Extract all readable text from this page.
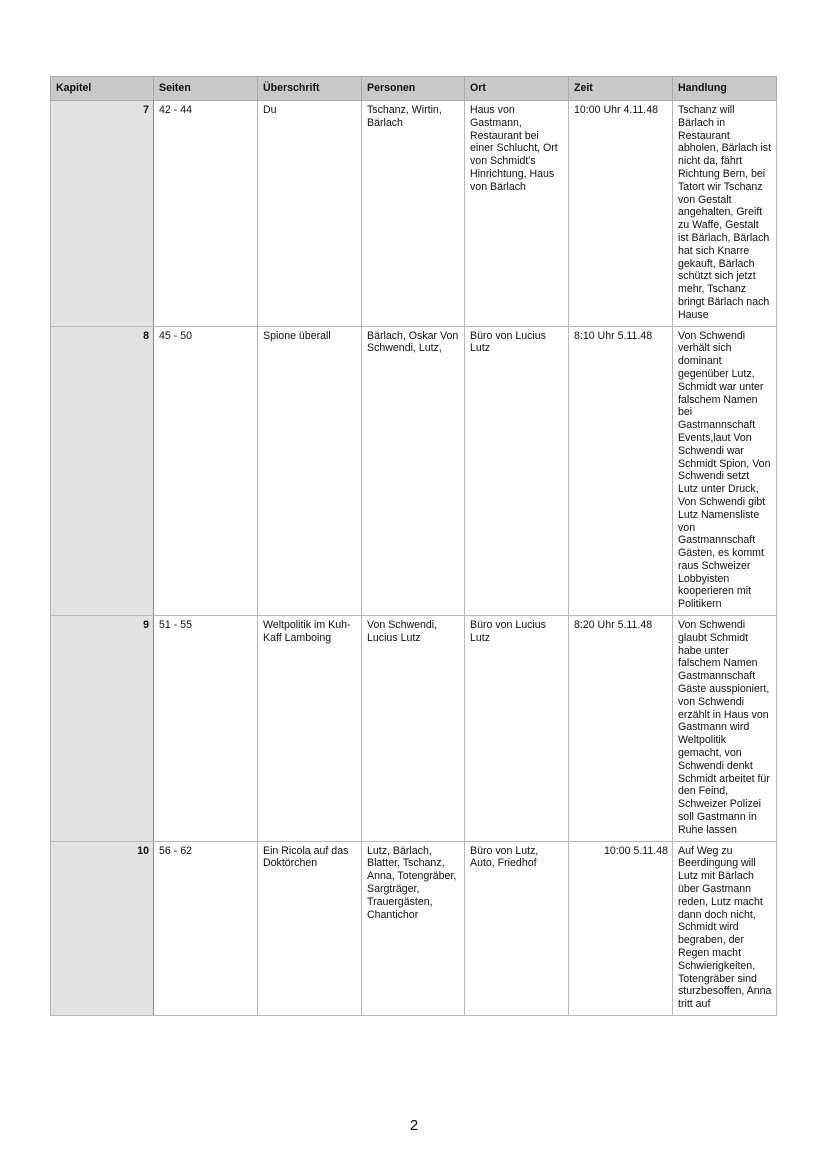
Kapitel	Seiten	Überschrift	Personen	Ort	Zeit	Handlung
7	42 - 44	Du	Tschanz, Wirtin, Bärlach	Haus von Gastmann, Restaurant bei einer Schlucht, Ort von Schmidt's Hinrichtung, Haus von Bärlach	10:00 Uhr 4.11.48	Tschanz will Bärlach in Restaurant abholen, Bärlach ist nicht da, fährt Richtung Bern, bei Tatort wir Tschanz von Gestalt angehalten, Greift zu Waffe, Gestalt ist Bärlach, Bärlach hat sich Knarre gekauft, Bärlach schützt sich jetzt mehr, Tschanz bringt Bärlach nach Hause
8	45 - 50	Spione überall	Bärlach, Oskar Von Schwendi, Lutz,	Büro von Lucius Lutz	8:10 Uhr 5.11.48	Von Schwendi verhält sich dominant gegenüber Lutz, Schmidt war unter falschem Namen bei Gastmannschaft Events,laut Von Schwendi war Schmidt Spion, Von Schwendi setzt Lutz unter Druck, Von Schwendi gibt Lutz Namensliste von Gastmannschaft Gästen, es kommt raus Schweizer Lobbyisten kooperieren mit Politikern
9	51 - 55	Weltpolitik im Kuh-Kaff Lamboing	Von Schwendi, Lucius Lutz	Büro von Lucius Lutz	8:20 Uhr 5.11.48	Von Schwendi glaubt Schmidt habe unter falschem Namen Gastmannschaft Gäste ausspioniert, von Schwendi erzählt in Haus von Gastmann wird Weltpolitik gemacht, von Schwendi denkt Schmidt arbeitet für den Feind, Schweizer Polizei soll Gastmann in Ruhe lassen
10	56 - 62	Ein Ricola auf das Doktörchen	Lutz, Bärlach, Blatter, Tschanz, Anna, Totengräber, Sargträger, Trauergästen, Chantichor	Büro von Lutz, Auto, Friedhof	10:00 5.11.48	Auf Weg zu Beerdingung will Lutz mit Bärlach über Gastmann reden, Lutz macht dann doch nicht, Schmidt wird begraben, der Regen macht Schwierigkeiten, Totengräber sind sturzbesoffen, Anna tritt auf
2
